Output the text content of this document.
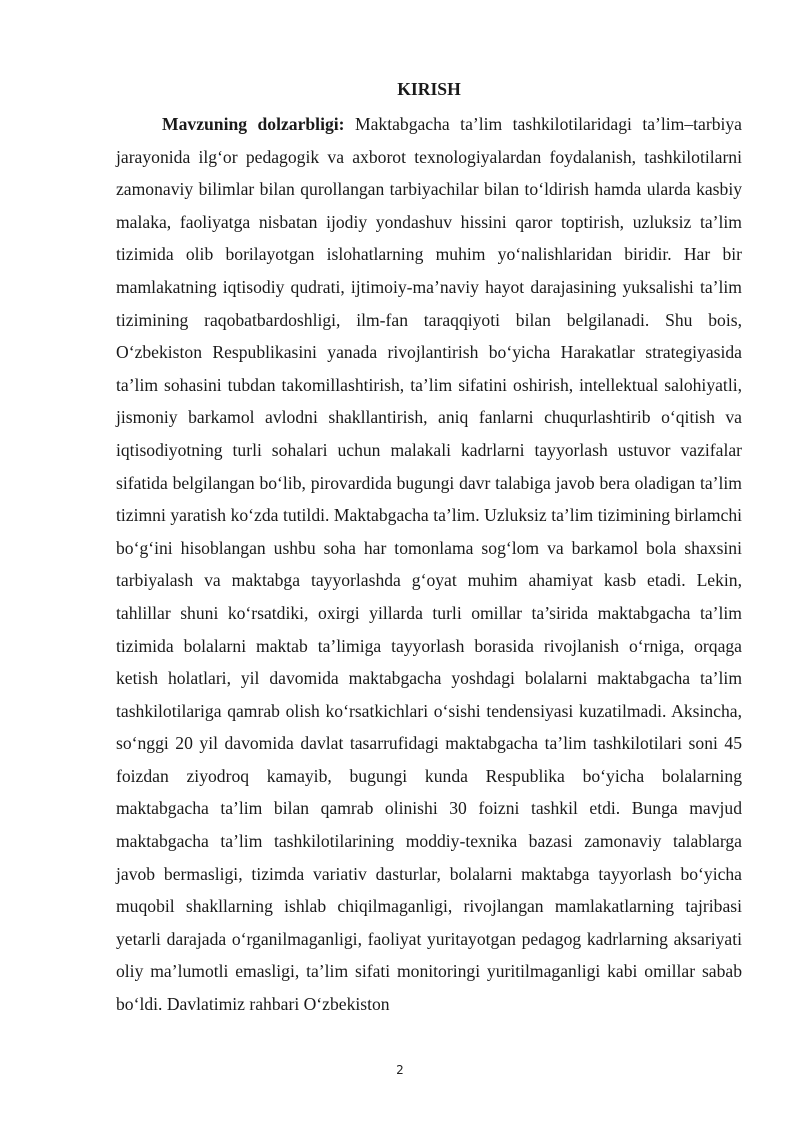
KIRISH

Mavzuning dolzarbligi: Maktabgacha ta’lim tashkilotilaridagi ta’lim–tarbiya jarayonida ilg‘or pedagogik va axborot texnologiyalardan foydalanish, tashkilotilarni zamonaviy bilimlar bilan qurollangan tarbiyachilar bilan to‘ldirish hamda ularda kasbiy malaka, faoliyatga nisbatan ijodiy yondashuv hissini qaror toptirish, uzluksiz ta’lim tizimida olib borilayotgan islohatlarning muhim yo‘nalishlaridan biridir. Har bir mamlakatning iqtisodiy qudrati, ijtimoiy-ma’naviy hayot darajasining yuksalishi ta’lim tizimining raqobatbardoshligi, ilm-fan taraqqiyoti bilan belgilanadi. Shu bois, O‘zbekiston Respublikasini yanada rivojlantirish bo‘yicha Harakatlar strategiyasida ta’lim sohasini tubdan takomillashtirish, ta’lim sifatini oshirish, intellektual salohiyatli, jismoniy barkamol avlodni shakllantirish, aniq fanlarni chuqurlashtirib o‘qitish va iqtisodiyotning turli sohalari uchun malakali kadrlarni tayyorlash ustuvor vazifalar sifatida belgilangan bo‘lib, pirovardida bugungi davr talabiga javob bera oladigan ta’lim tizimni yaratish ko‘zda tutildi. Maktabgacha ta’lim. Uzluksiz ta’lim tizimining birlamchi bo‘g‘ini hisoblangan ushbu soha har tomonlama sog‘lom va barkamol bola shaxsini tarbiyalash va maktabga tayyorlashda g‘oyat muhim ahamiyat kasb etadi. Lekin, tahlillar shuni ko‘rsatdiki, oxirgi yillarda turli omillar ta’sirida maktabgacha ta’lim tizimida bolalarni maktab ta’limiga tayyorlash borasida rivojlanish o‘rniga, orqaga ketish holatlari, yil davomida maktabgacha yoshdagi bolalarni maktabgacha ta’lim tashkilotilariga qamrab olish ko‘rsatkichlari o‘sishi tendensiyasi kuzatilmadi. Aksincha, so‘nggi 20 yil davomida davlat tasarrufidagi maktabgacha ta’lim tashkilotilari soni 45 foizdan ziyodroq kamayib, bugungi kunda Respublika bo‘yicha bolalarning maktabgacha ta’lim bilan qamrab olinishi 30 foizni tashkil etdi. Bunga mavjud maktabgacha ta’lim tashkilotilarining moddiy-texnika bazasi zamonaviy talablarga javob bermasligi, tizimda variativ dasturlar, bolalarni maktabga tayyorlash bo‘yicha muqobil shakllarning ishlab chiqilmaganligi, rivojlangan mamlakatlarning tajribasi yetarli darajada o‘rganilmaganligi, faoliyat yuritayotgan pedagog kadrlarning aksariyati oliy ma’lumotli emasligi, ta’lim sifati monitoringi yuritilmaganligi kabi omillar sabab bo‘ldi. Davlatimiz rahbari O‘zbekiston

2
